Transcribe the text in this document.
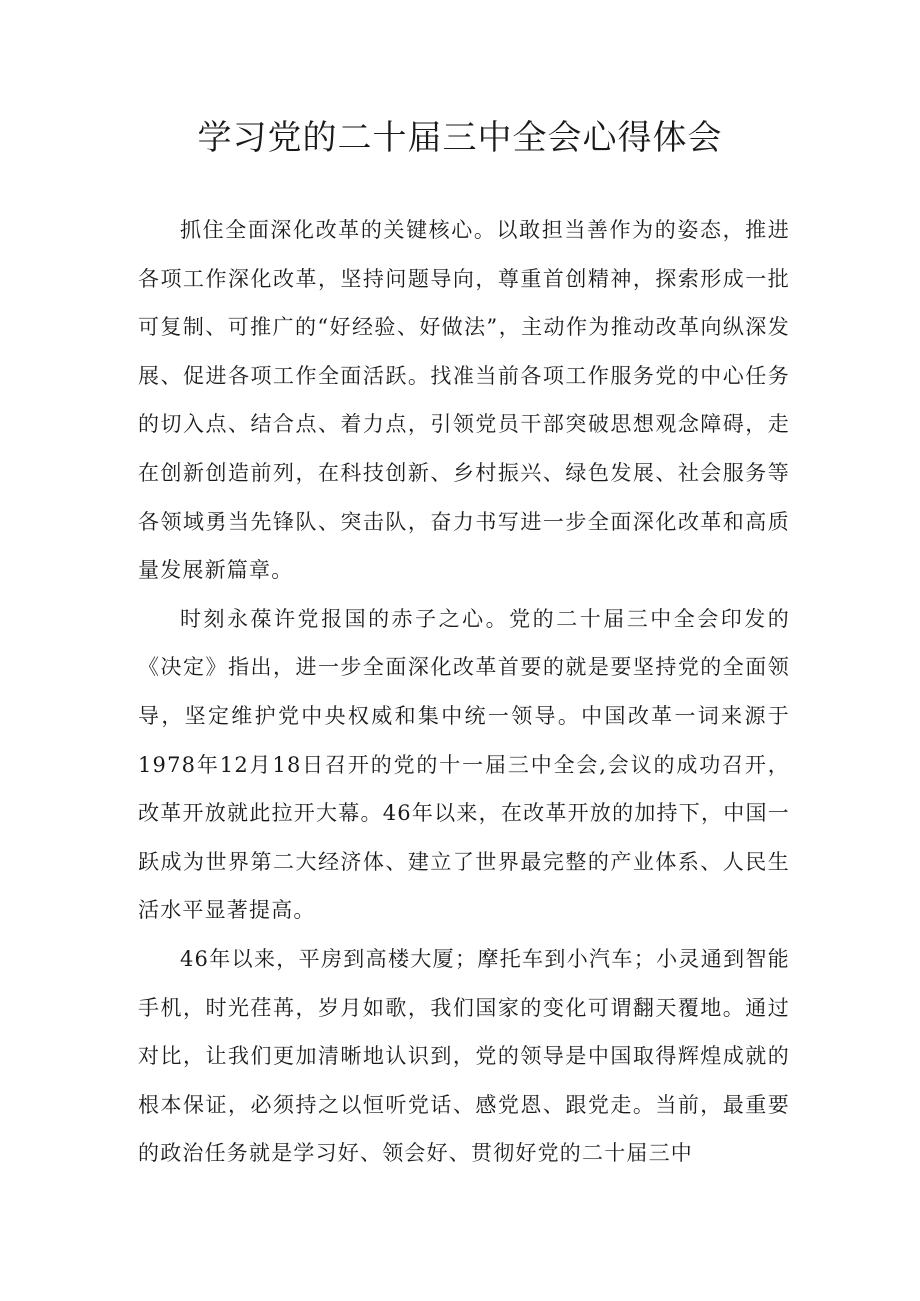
学习党的二十届三中全会心得体会

抓住全面深化改革的关键核心。以敢担当善作为的姿态，推进各项工作深化改革，坚持问题导向，尊重首创精神，探索形成一批可复制、可推广的“好经验、好做法”，主动作为推动改革向纵深发展、促进各项工作全面活跃。找准当前各项工作服务党的中心任务的切入点、结合点、着力点，引领党员干部突破思想观念障碍，走在创新创造前列，在科技创新、乡村振兴、绿色发展、社会服务等各领域勇当先锋队、突击队，奋力书写进一步全面深化改革和高质量发展新篇章。

时刻永葆许党报国的赤子之心。党的二十届三中全会印发的《决定》指出，进一步全面深化改革首要的就是要坚持党的全面领导，坚定维护党中央权威和集中统一领导。中国改革一词来源于1978年12月18日召开的党的十一届三中全会,会议的成功召开，改革开放就此拉开大幕。46年以来，在改革开放的加持下，中国一跃成为世界第二大经济体、建立了世界最完整的产业体系、人民生活水平显著提高。

46年以来，平房到高楼大厦；摩托车到小汽车；小灵通到智能手机，时光荏苒，岁月如歌，我们国家的变化可谓翻天覆地。通过对比，让我们更加清晰地认识到，党的领导是中国取得辉煌成就的根本保证，必须持之以恒听党话、感党恩、跟党走。当前，最重要的政治任务就是学习好、领会好、贯彻好党的二十届三中
